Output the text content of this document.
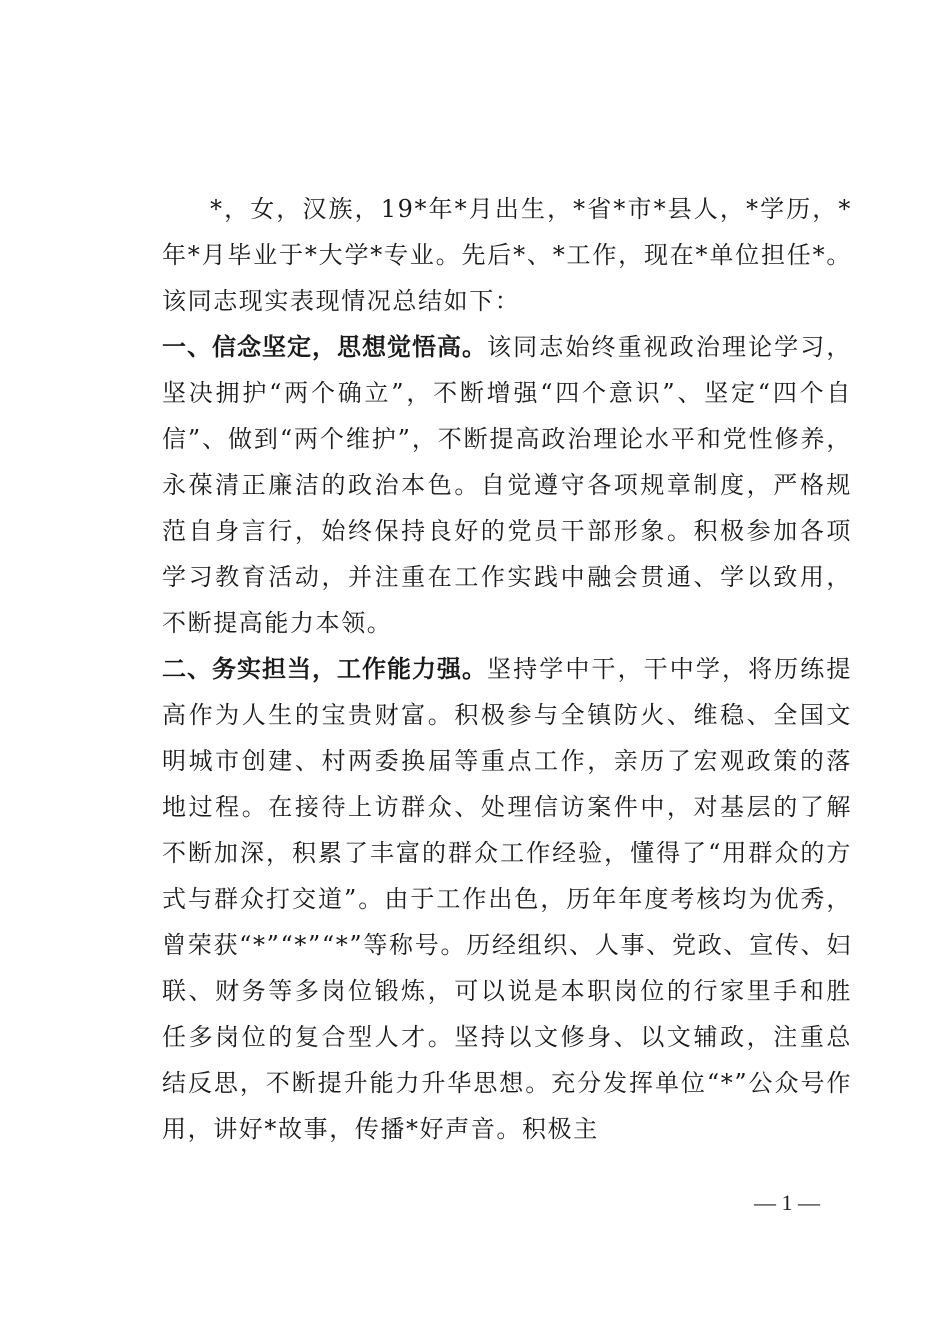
*，女，汉族，19*年*月出生，*省*市*县人，*学历，*年*月毕业于*大学*专业。先后*、*工作，现在*单位担任*。该同志现实表现情况总结如下：

一、信念坚定，思想觉悟高。该同志始终重视政治理论学习，坚决拥护“两个确立”，不断增强“四个意识”、坚定“四个自信”、做到“两个维护”，不断提高政治理论水平和党性修养，永葆清正廉洁的政治本色。自觉遵守各项规章制度，严格规范自身言行，始终保持良好的党员干部形象。积极参加各项学习教育活动，并注重在工作实践中融会贯通、学以致用，不断提高能力本领。

二、务实担当，工作能力强。坚持学中干，干中学，将历练提高作为人生的宝贵财富。积极参与全镇防火、维稳、全国文明城市创建、村两委换届等重点工作，亲历了宏观政策的落地过程。在接待上访群众、处理信访案件中，对基层的了解不断加深，积累了丰富的群众工作经验，懂得了“用群众的方式与群众打交道”。由于工作出色，历年年度考核均为优秀，曾荣获“*”“*”“*”等称号。历经组织、人事、党政、宣传、妇联、财务等多岗位锻炼，可以说是本职岗位的行家里手和胜任多岗位的复合型人才。坚持以文修身、以文辅政，注重总结反思，不断提升能力升华思想。充分发挥单位“*”公众号作用，讲好*故事，传播*好声音。积极主

— 1 —
